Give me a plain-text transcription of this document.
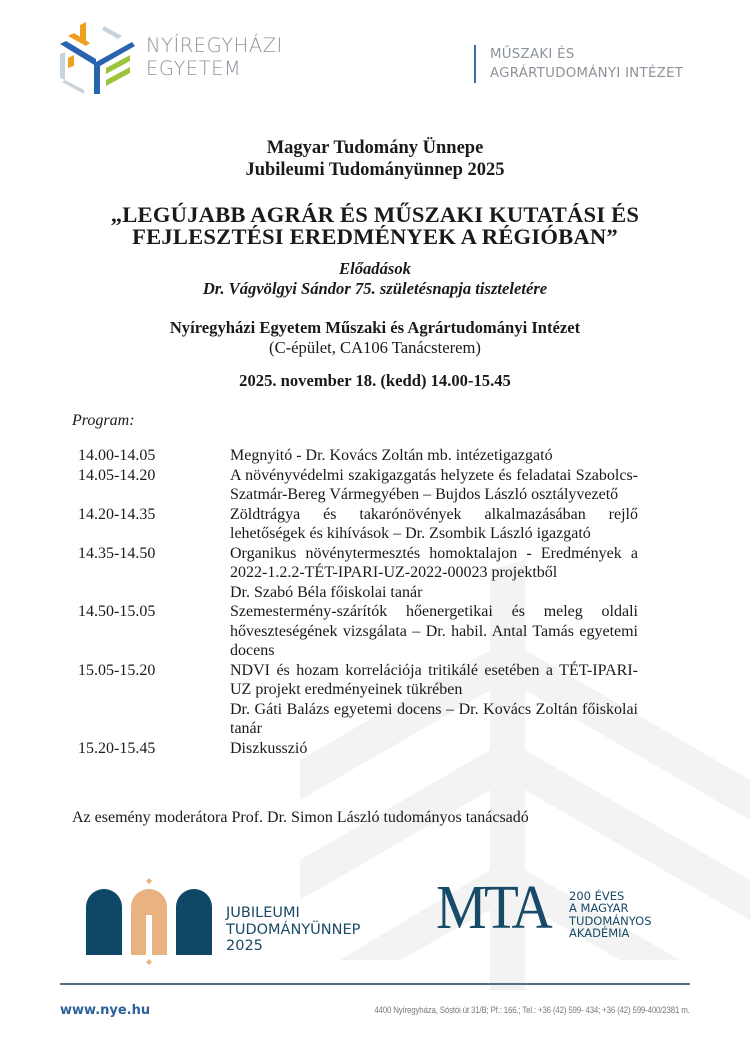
NYÍREGYHÁZI
EGYETEM
MŰSZAKI ÉS
AGRÁRTUDOMÁNYI INTÉZET
Magyar Tudomány Ünnepe
Jubileumi Tudományünnep 2025
„LEGÚJABB AGRÁR ÉS MŰSZAKI KUTATÁSI ÉS
FEJLESZTÉSI EREDMÉNYEK A RÉGIÓBAN”
Előadások
Dr. Vágvölgyi Sándor 75. születésnapja tiszteletére
Nyíregyházi Egyetem Műszaki és Agrártudományi Intézet
(C-épület, CA106 Tanácsterem)
2025. november 18. (kedd) 14.00-15.45
Program:
14.00-14.05	Megnyitó - Dr. Kovács Zoltán mb. intézetigazgató

14.05-14.20	A növényvédelmi szakigazgatás helyzete és feladatai Szabolcs-Szatmár-Bereg Vármegyében – Bujdos László osztályvezető

14.20-14.35	Zöldtrágya és takarónövények alkalmazásában rejlő lehetőségek és kihívások – Dr. Zsombik László igazgató

14.35-14.50	Organikus növénytermesztés homoktalajon - Eredmények a 2022-1.2.2-TÉT-IPARI-UZ-2022-00023 projektből

Dr. Szabó Béla főiskolai tanár

14.50-15.05	Szemestermény-szárítók hőenergetikai és meleg oldali hőveszteségének vizsgálata – Dr. habil. Antal Tamás egyetemi docens

15.05-15.20	NDVI és hozam korrelációja tritikálé esetében a TÉT-IPARI-UZ projekt eredményeinek tükrében

Dr. Gáti Balázs egyetemi docens – Dr. Kovács Zoltán főiskolai tanár

15.20-15.45	Diszkusszió

Az esemény moderátora Prof. Dr. Simon László tudományos tanácsadó
JUBILEUMI
TUDOMÁNYÜNNEP
2025
MTA 200 ÉVES
A MAGYAR
TUDOMÁNYOS
AKADÉMIA
www.nye.hu	4400 Nyíregyháza, Sóstói út 31/B; Pf.: 166.; Tel.: +36 (42) 599- 434; +36 (42) 599-400/2381 m.
